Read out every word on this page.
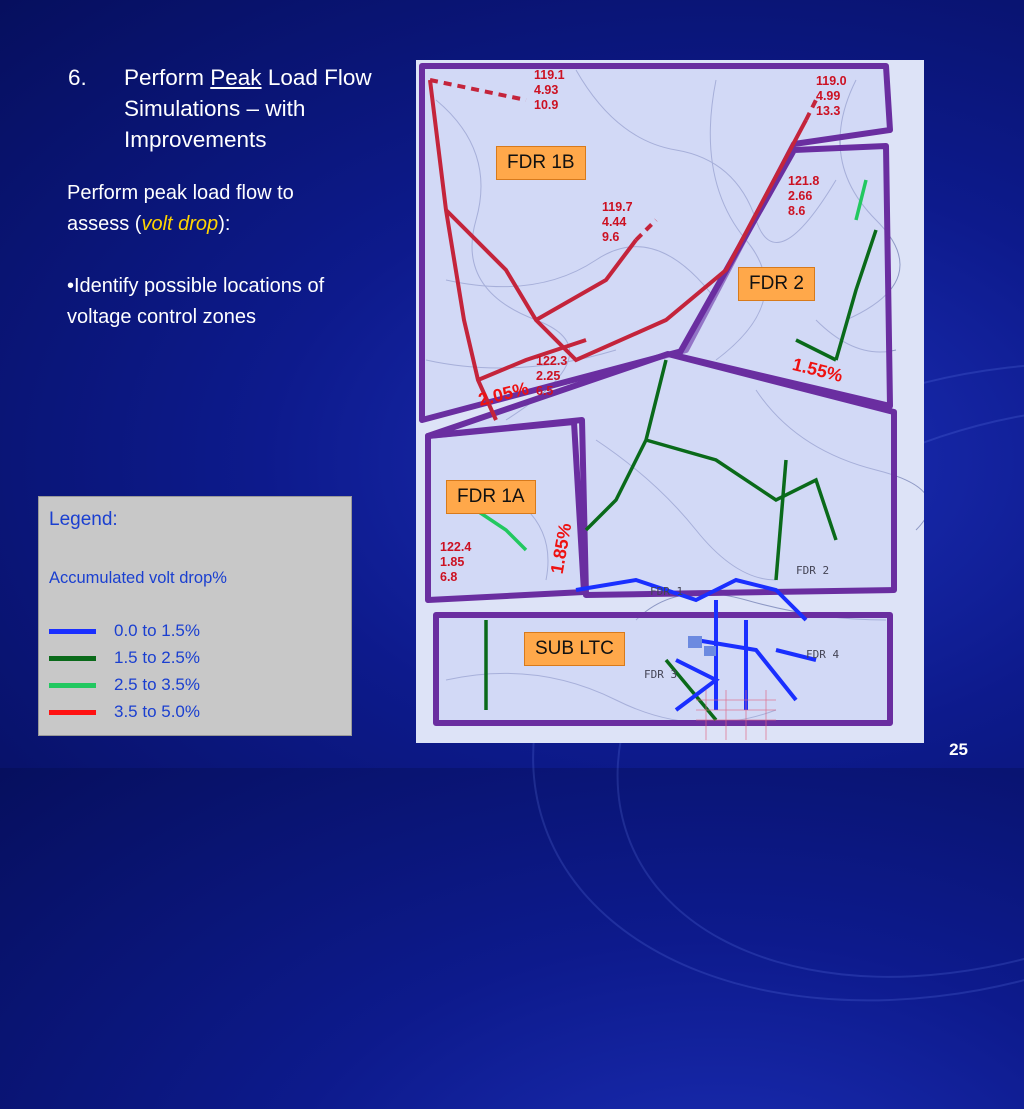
6. Perform Peak Load Flow Simulations – with Improvements
Perform peak load flow to assess (volt drop):
•Identify possible locations of voltage control zones
Legend:
Accumulated volt drop%
0.0 to 1.5%
1.5 to 2.5%
2.5 to 3.5%
3.5 to 5.0%
FDR 1
FDR 2
FDR 3
FDR 4
FDR 1B
FDR 2
FDR 1A
SUB LTC
119.1
4.93
10.9
119.0
4.99
13.3
121.8
2.66
8.6
119.7
4.44
9.6
122.3
2.25
6.5
122.4
1.85
6.8
2.05%
1.55%
1.85%
25
